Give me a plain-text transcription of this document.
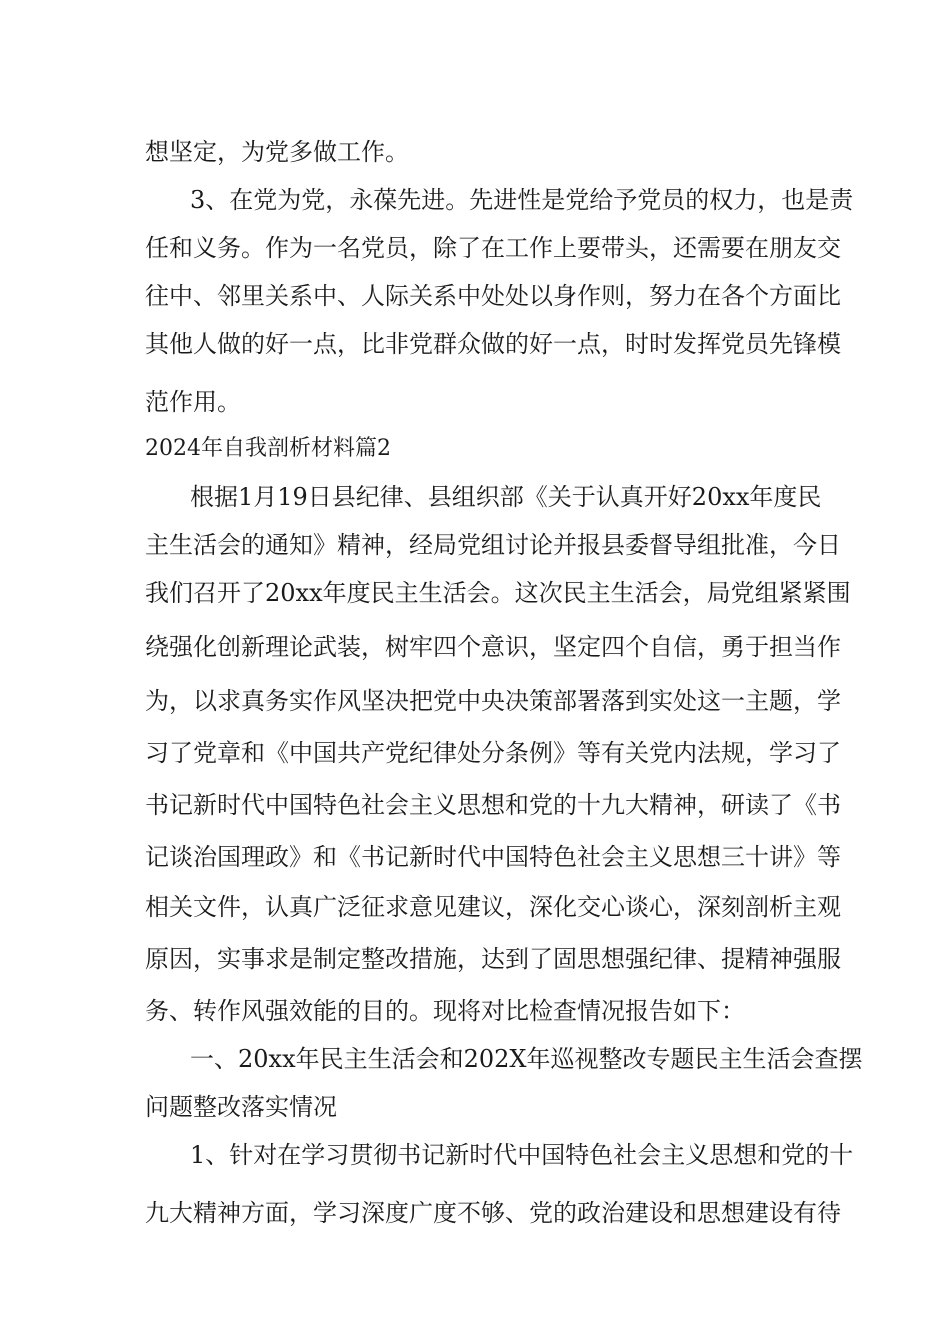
想坚定，为党多做工作。

3、在党为党，永葆先进。先进性是党给予党员的权力，也是责

任和义务。作为一名党员，除了在工作上要带头，还需要在朋友交

往中、邻里关系中、人际关系中处处以身作则，努力在各个方面比

其他人做的好一点，比非党群众做的好一点，时时发挥党员先锋模

范作用。

2024年自我剖析材料篇2

根据1月19日县纪律、县组织部《关于认真开好20xx年度民

主生活会的通知》精神，经局党组讨论并报县委督导组批准，今日

我们召开了20xx年度民主生活会。这次民主生活会，局党组紧紧围

绕强化创新理论武装，树牢四个意识，坚定四个自信，勇于担当作

为，以求真务实作风坚决把党中央决策部署落到实处这一主题，学

习了党章和《中国共产党纪律处分条例》等有关党内法规，学习了

书记新时代中国特色社会主义思想和党的十九大精神，研读了《书

记谈治国理政》和《书记新时代中国特色社会主义思想三十讲》等

相关文件，认真广泛征求意见建议，深化交心谈心，深刻剖析主观

原因，实事求是制定整改措施，达到了固思想强纪律、提精神强服

务、转作风强效能的目的。现将对比检查情况报告如下：

一、20xx年民主生活会和202X年巡视整改专题民主生活会查摆

问题整改落实情况

1、针对在学习贯彻书记新时代中国特色社会主义思想和党的十

九大精神方面，学习深度广度不够、党的政治建设和思想建设有待
